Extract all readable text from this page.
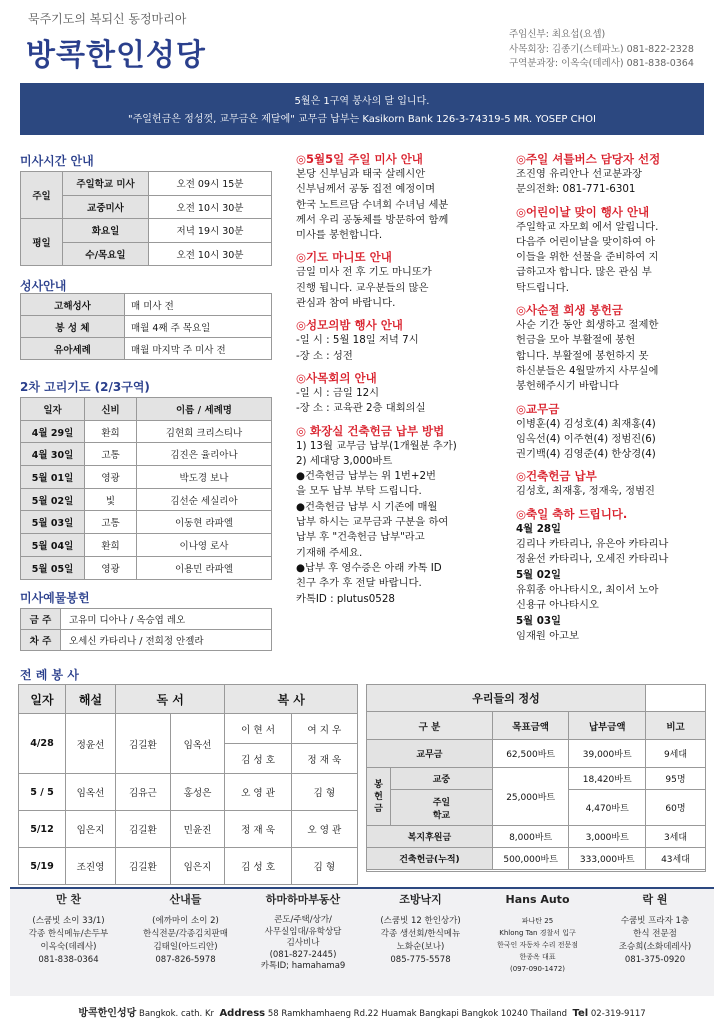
묵주기도의 복되신 동정마리아
방콕한인성당
주임신부: 최요섭(요셉)
사목회장: 김종기(스테파노) 081-822-2328
구역분과장: 이옥숙(데레사) 081-838-0364
5월은 1구역 봉사의 달 입니다.
"주일헌금은 정성껏, 교무금은 제달에" 교무금 납부는 Kasikorn Bank 126-3-74319-5 MR. YOSEP CHOI
미사시간 안내
주일	주일학교 미사	오전 09시 15분
	교중미사	오전 10시 30분
평일	화요일	저녁 19시 30분
	수/목요일	오전 10시 30분
성사안내
고해성사	매 미사 전
봉 성 체	매월 4째 주 목요일
유아세례	매월 마지막 주 미사 전
2차 고리기도 (2/3구역)
일자	신비	이름 / 세례명
4월 29일	환희	김현희 크리스티나
4월 30일	고통	김진은 율리아나
5월 01일	영광	박도경 보나
5월 02일	빛	김선순 세실리아
5월 03일	고통	이동현 라파엘
5월 04일	환희	이나영 로사
5월 05일	영광	이용민 라파엘
미사예물봉헌
금 주	고유미 디아나 / 옥승엽 레오
차 주	오세신 카타리나 / 전희정 안젤라
◎5월5일 주일 미사 안내
본당 신부님과 태국 살레시안
신부님께서 공동 집전 예정이며
한국 노트르담 수녀회 수녀님 세분
께서 우리 공동체를 방문하여 함께
미사를 봉헌합니다.
◎기도 마니또 안내
금일 미사 전 후 기도 마니또가
진행 됩니다. 교우분들의 많은
관심과 참여 바랍니다.
◎성모의밤 행사 안내
-일 시 : 5월 18일 저녁 7시
-장 소 : 성전
◎사목회의 안내
-일 시 : 금일 12시
-장 소 : 교육관 2층 대회의실
◎ 화장실 건축헌금 납부 방법
1) 13월 교무금 납부(1개월분 추가)
2) 세대당 3,000바트
●건축헌금 납부는 위 1번+2번
을 모두 납부 부탁 드립니다.
●건축헌금 납부 시 기존에 매월
납부 하시는 교무금과 구분을 하여
납부 후 "건축헌금 납부"라고
기재해 주세요.
●납부 후 영수증은 아래 카톡 ID
친구 추가 후 전달 바랍니다.
카톡ID : plutus0528
◎주일 셔틀버스 담당자 선정
조진영 유리안나 선교분과장
문의전화: 081-771-6301
◎어린이날 맞이 행사 안내
주일학교 자모회 에서 알립니다.
다음주 어린이날을 맞이하여 아
이들을 위한 선물을 준비하여 지
급하고자 합니다. 많은 관심 부
탁드립니다.
◎사순절 희생 봉헌금
사순 기간 동안 희생하고 절제한
헌금을 모아 부활절에 봉헌
합니다. 부활절에 봉헌하지 못
하신분들은 4월말까지 사무실에
봉헌해주시기 바랍니다
◎교무금
이병훈(4) 김성호(4) 최재홍(4)
임옥선(4) 이주현(4) 정범진(6)
권기백(4) 김영준(4) 한상경(4)
◎건축헌금 납부
김성호, 최재홍, 정재욱, 정범진
◎축일 축하 드립니다.
4월 28일
김리나 카타리나, 유은아 카타리나
정윤선 카타리나, 오세진 카타리나
5월 02일
유휘종 아나타시오, 최이서 노아
신용규 아나타시오
5월 03일
임재원 아고보
전 례 봉 사
일자	해설	독 서		복 사	
4/28	정윤선	김길환	임옥선	이 현 서	여 지 우
				김 성 호	정 재 욱
5 / 5	임옥선	김유근	홍성은	오 영 관	김 형
5/12	임은지	김길환	민윤진	정 재 욱	오 영 관
5/19	조진영	김길환	임은지	김 성 호	김 형
우리들의 정성				
구 분		목표금액	납부금액	비고
교무금		62,500바트	39,000바트	9세대
봉
헌
금	교중	25,000바트	18,420바트	95명
	주일
학교		4,470바트	60명
복지후원금		8,000바트	3,000바트	3세대
건축헌금(누적)		500,000바트	333,000바트	43세대
만 찬
(스쿰빗 소이 33/1)
각종 한식메뉴/손두부
이옥숙(데레사)
081-838-0364
산내들
(에까마이 소이 2)
한식전문/각종김치판매
김태일(아드리안)
087-826-5978
하마하마부동산
콘도/주택/상가/
사무실임대/유학상담
김사비나
(081-827-2445)
카톡ID; hamahama9
조방낙지
(스쿰빗 12 한인상가)
각종 생선회/한식메뉴
노화순(보나)
085-775-5578
Hans Auto
파나탄 25
Khlong Tan 경찰서 입구
한국인 자동차 수리 전문점
한종옥 대표
(097-090-1472)
락 원
수쿰빗 프라자 1층
한식 전문점
조승희(소화데레사)
081-375-0920
방콕한인성당 Bangkok. cath. Kr Address 58 Ramkhamhaeng Rd.22 Huamak Bangkapi Bangkok 10240 Thailand Tel 02-319-9117
